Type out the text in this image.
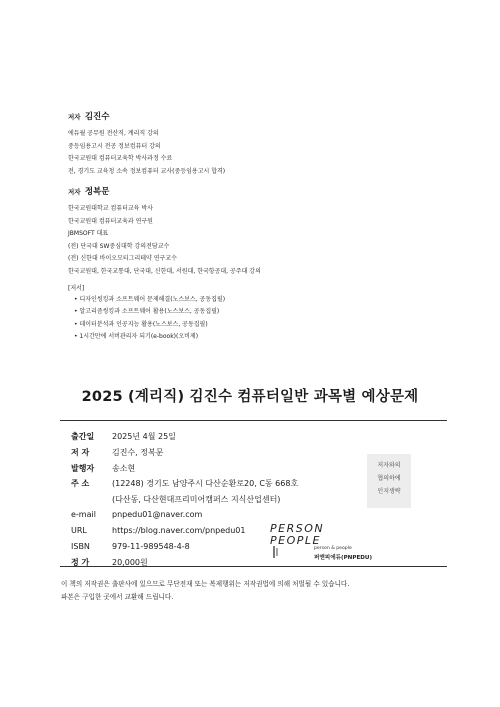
저자 김진수
에듀윌 공무원 전산직, 계리직 강의
중등임용고시 전공 정보컴퓨터 강의
한국교원대 컴퓨터교육학 박사과정 수료
전, 경기도 교육청 소속 정보컴퓨터 교사(중등임용고시 합격)
저자 정복문
한국교원대학교 컴퓨터교육 박사
한국교원대 컴퓨터교육과 연구원
JBMSOFT 대표
(전) 단국대 SW중심대학 강의전담교수
(전) 신한대 바이오모티그리테약 연구교수
한국교원대, 한국교통대, 단국대, 신한대, 서원대, 한국항공대, 공주대 강의
[저서]
• 디자인씽킹과 소프트웨어 문제해결(노스보스, 공동집필)
• 알고리즘씽킹과 소프트웨어 활용(노스보스, 공동집필)
• 데이터분석과 인공지능 활용(노스보스, 공동집필)
• 1시간만에 서버관리자 되기(e-book)(오비제)
2025 (계리직) 김진수 컴퓨터일반 과목별 예상문제
출간일	2025년 4월 25일
저 자	김진수, 정복문
발행자	송소현
주 소	(12248) 경기도 남양주시 다산순환로20, C동 668호
(다산동, 다산현대프리미어캠퍼스 지식산업센터)
e-mail	pnpedu01@naver.com
URL	https://blog.naver.com/pnpedu01
ISBN	979-11-989548-4-8
정 가	20,000원
저자와의
협의하에
인지생략
PERSON
PEOPLE
person & people
퍼앤피에듀(PNPEDU)
이 책의 저작권은 출판사에 있으므로 무단전재 또는 복제행위는 저작권법에 의해 처벌될 수 있습니다.
파본은 구입한 곳에서 교환해 드립니다.
